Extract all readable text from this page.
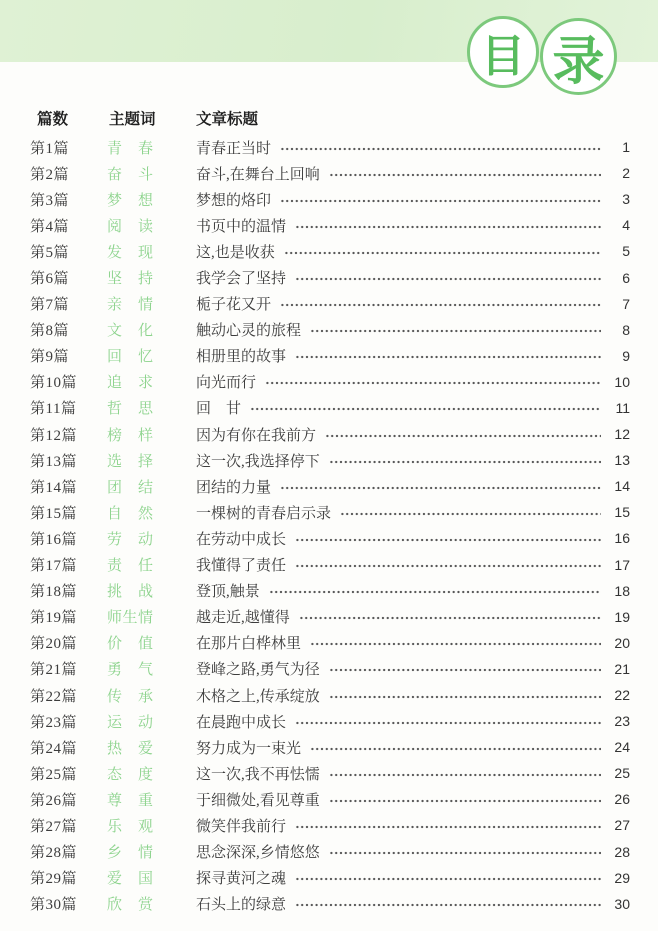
目 录
篇数	主题词	文章标题
第1篇	青　春	青春正当时	1
第2篇	奋　斗	奋斗,在舞台上回响	2
第3篇	梦　想	梦想的烙印	3
第4篇	阅　读	书页中的温情	4
第5篇	发　现	这,也是收获	5
第6篇	坚　持	我学会了坚持	6
第7篇	亲　情	栀子花又开	7
第8篇	文　化	触动心灵的旅程	8
第9篇	回　忆	相册里的故事	9
第10篇	追　求	向光而行	10
第11篇	哲　思	回　甘	11
第12篇	榜　样	因为有你在我前方	12
第13篇	选　择	这一次,我选择停下	13
第14篇	团　结	团结的力量	14
第15篇	自　然	一棵树的青春启示录	15
第16篇	劳　动	在劳动中成长	16
第17篇	责　任	我懂得了责任	17
第18篇	挑　战	登顶,触景	18
第19篇	师生情	越走近,越懂得	19
第20篇	价　值	在那片白桦林里	20
第21篇	勇　气	登峰之路,勇气为径	21
第22篇	传　承	木格之上,传承绽放	22
第23篇	运　动	在晨跑中成长	23
第24篇	热　爱	努力成为一束光	24
第25篇	态　度	这一次,我不再怯懦	25
第26篇	尊　重	于细微处,看见尊重	26
第27篇	乐　观	微笑伴我前行	27
第28篇	乡　情	思念深深,乡情悠悠	28
第29篇	爱　国	探寻黄河之魂	29
第30篇	欣　赏	石头上的绿意	30
